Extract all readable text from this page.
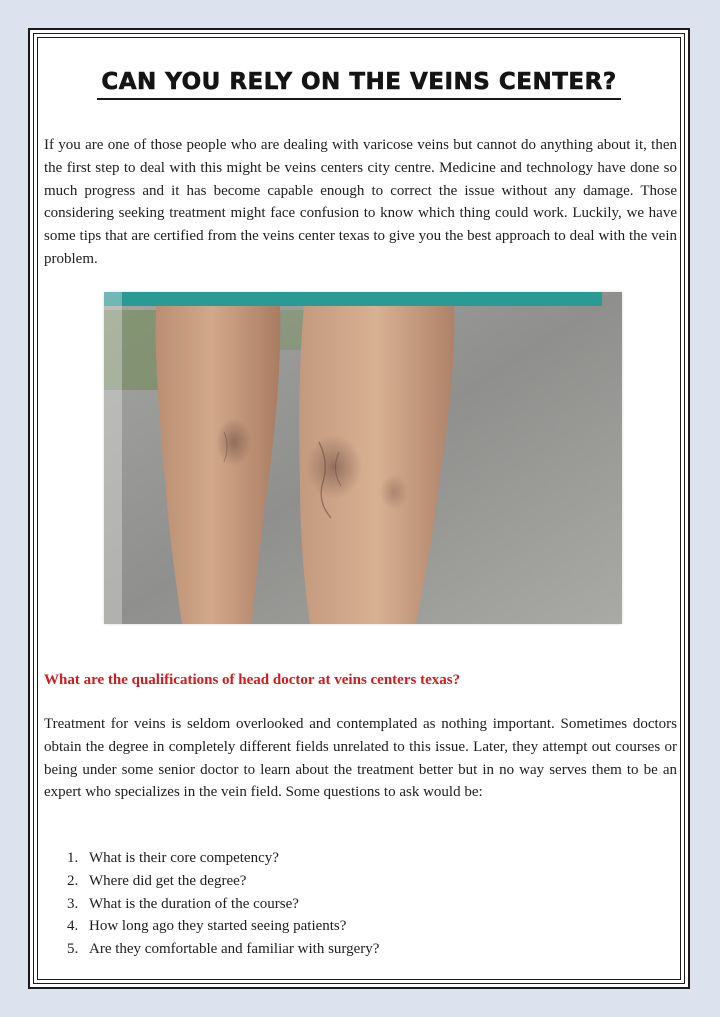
CAN YOU RELY ON THE VEINS CENTER?

If you are one of those people who are dealing with varicose veins but cannot do anything about it, then the first step to deal with this might be veins centers city centre. Medicine and technology have done so much progress and it has become capable enough to correct the issue without any damage. Those considering seeking treatment might face confusion to know which thing could work. Luckily, we have some tips that are certified from the veins center texas to give you the best approach to deal with the vein problem.

What are the qualifications of head doctor at veins centers texas?

Treatment for veins is seldom overlooked and contemplated as nothing important. Sometimes doctors obtain the degree in completely different fields unrelated to this issue. Later, they attempt out courses or being under some senior doctor to learn about the treatment better but in no way serves them to be an expert who specializes in the vein field. Some questions to ask would be:

1. What is their core competency?
2. Where did get the degree?
3. What is the duration of the course?
4. How long ago they started seeing patients?
5. Are they comfortable and familiar with surgery?
